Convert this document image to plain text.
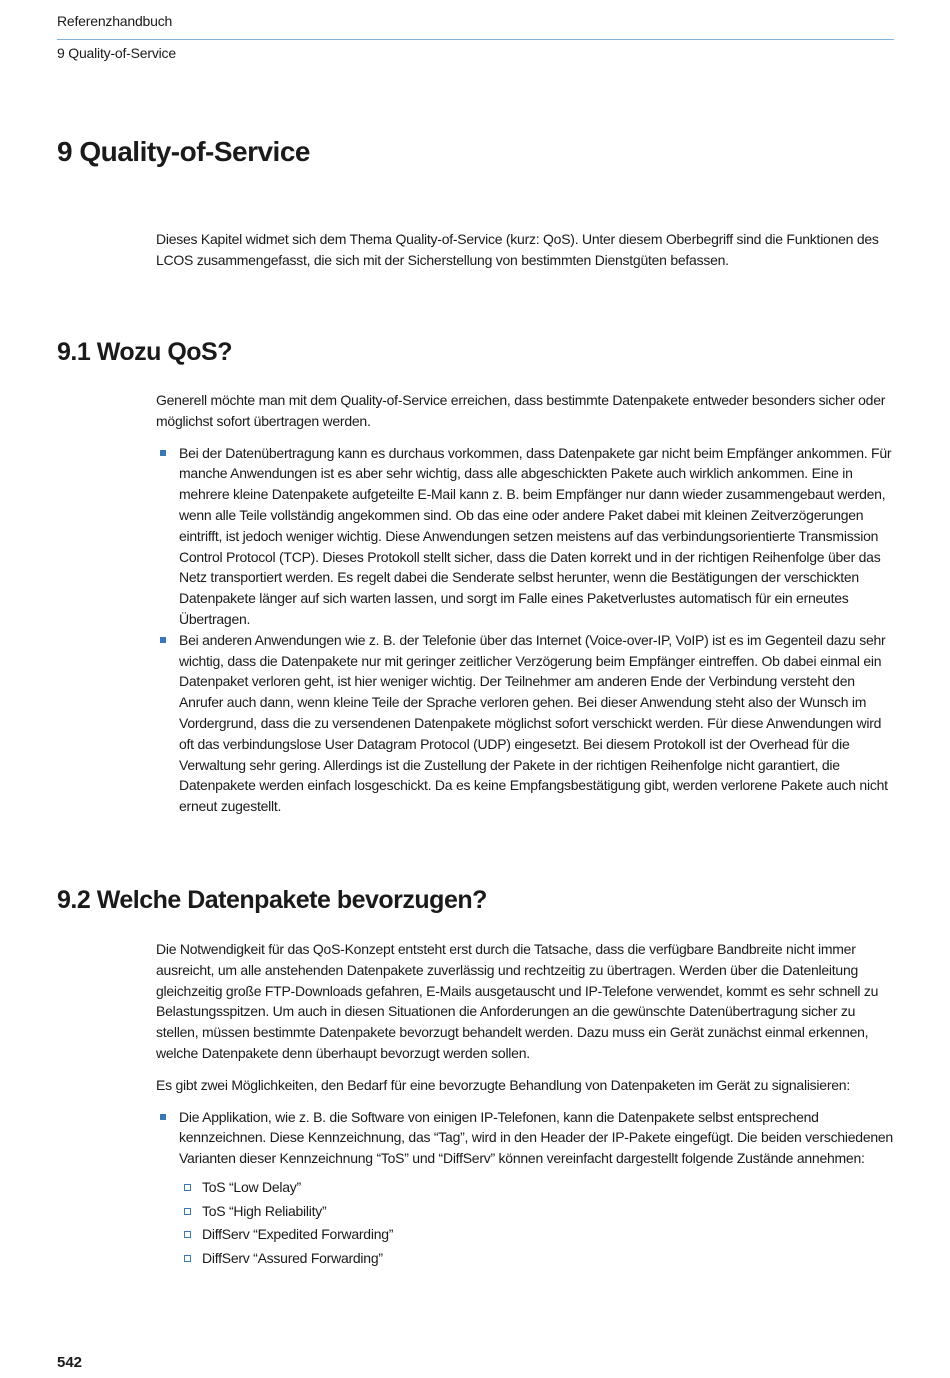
Referenzhandbuch
9 Quality-of-Service
9 Quality-of-Service

Dieses Kapitel widmet sich dem Thema Quality-of-Service (kurz: QoS). Unter diesem Oberbegriff sind die Funktionen des LCOS zusammengefasst, die sich mit der Sicherstellung von bestimmten Dienstgüten befassen.

9.1 Wozu QoS?

Generell möchte man mit dem Quality-of-Service erreichen, dass bestimmte Datenpakete entweder besonders sicher oder möglichst sofort übertragen werden.

Bei der Datenübertragung kann es durchaus vorkommen, dass Datenpakete gar nicht beim Empfänger ankommen. Für manche Anwendungen ist es aber sehr wichtig, dass alle abgeschickten Pakete auch wirklich ankommen. Eine in mehrere kleine Datenpakete aufgeteilte E-Mail kann z. B. beim Empfänger nur dann wieder zusammengebaut werden, wenn alle Teile vollständig angekommen sind. Ob das eine oder andere Paket dabei mit kleinen Zeitverzögerungen eintrifft, ist jedoch weniger wichtig. Diese Anwendungen setzen meistens auf das verbindungsorientierte Transmission Control Protocol (TCP). Dieses Protokoll stellt sicher, dass die Daten korrekt und in der richtigen Reihenfolge über das Netz transportiert werden. Es regelt dabei die Senderate selbst herunter, wenn die Bestätigungen der verschickten Datenpakete länger auf sich warten lassen, und sorgt im Falle eines Paketverlustes automatisch für ein erneutes Übertragen.
Bei anderen Anwendungen wie z. B. der Telefonie über das Internet (Voice-over-IP, VoIP) ist es im Gegenteil dazu sehr wichtig, dass die Datenpakete nur mit geringer zeitlicher Verzögerung beim Empfänger eintreffen. Ob dabei einmal ein Datenpaket verloren geht, ist hier weniger wichtig. Der Teilnehmer am anderen Ende der Verbindung versteht den Anrufer auch dann, wenn kleine Teile der Sprache verloren gehen. Bei dieser Anwendung steht also der Wunsch im Vordergrund, dass die zu versendenen Datenpakete möglichst sofort verschickt werden. Für diese Anwendungen wird oft das verbindungslose User Datagram Protocol (UDP) eingesetzt. Bei diesem Protokoll ist der Overhead für die Verwaltung sehr gering. Allerdings ist die Zustellung der Pakete in der richtigen Reihenfolge nicht garantiert, die Datenpakete werden einfach losgeschickt. Da es keine Empfangsbestätigung gibt, werden verlorene Pakete auch nicht erneut zugestellt.
9.2 Welche Datenpakete bevorzugen?

Die Notwendigkeit für das QoS-Konzept entsteht erst durch die Tatsache, dass die verfügbare Bandbreite nicht immer ausreicht, um alle anstehenden Datenpakete zuverlässig und rechtzeitig zu übertragen. Werden über die Datenleitung gleichzeitig große FTP-Downloads gefahren, E-Mails ausgetauscht und IP-Telefone verwendet, kommt es sehr schnell zu Belastungsspitzen. Um auch in diesen Situationen die Anforderungen an die gewünschte Datenübertragung sicher zu stellen, müssen bestimmte Datenpakete bevorzugt behandelt werden. Dazu muss ein Gerät zunächst einmal erkennen, welche Datenpakete denn überhaupt bevorzugt werden sollen.

Es gibt zwei Möglichkeiten, den Bedarf für eine bevorzugte Behandlung von Datenpaketen im Gerät zu signalisieren:

Die Applikation, wie z. B. die Software von einigen IP-Telefonen, kann die Datenpakete selbst entsprechend kennzeichnen. Diese Kennzeichnung, das “Tag”, wird in den Header der IP-Pakete eingefügt. Die beiden verschiedenen Varianten dieser Kennzeichnung “ToS” und “DiffServ” können vereinfacht dargestellt folgende Zustände annehmen:
ToS “Low Delay”
ToS “High Reliability”
DiffServ “Expedited Forwarding”
DiffServ “Assured Forwarding”
542
